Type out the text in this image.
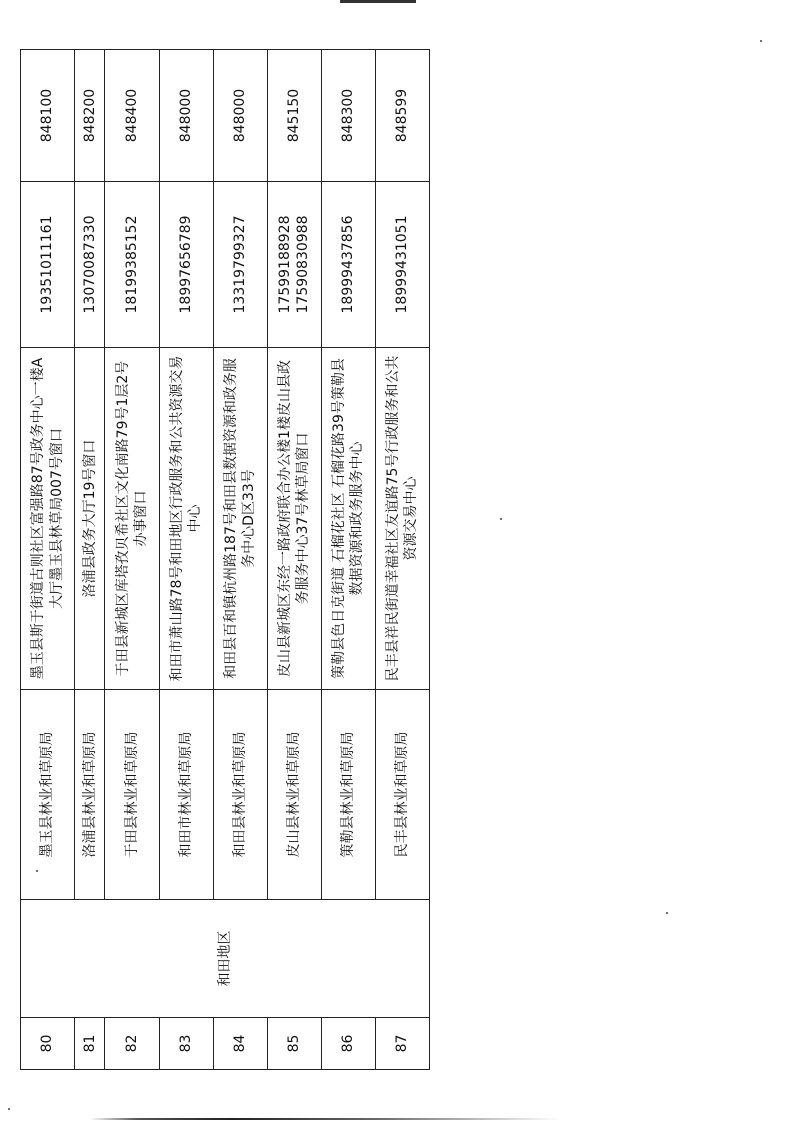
80	和田地区	墨玉县林业和草原局	墨玉县斯于街道古则社区富强路87号政务中心一楼A大厅墨玉县林草局007号窗口	19351011161	848100
81		洛浦县林业和草原局	洛浦县政务大厅19号窗口	13070087330	848200
82		于田县林业和草原局	于田县新城区库塔孜贝希社区文化南路79号1层2号办事窗口	18199385152	848400
83		和田市林业和草原局	和田市萧山路78号和田地区行政服务和公共资源交易中心	18997656789	848000
84		和田县林业和草原局	和田县百和镇杭州路187号和田县数据资源和政务服务中心D区33号	13319799327	848000
85		皮山县林业和草原局	皮山县新城区东经一路政府联合办公楼1楼皮山县政务服务中心37号林草局窗口	17599188928 17590830988	845150
86		策勒县林业和草原局	策勒县色日克街道 石榴花社区 石榴花路39号策勒县数据资源和政务服务中心	18999437856	848300
87		民丰县林业和草原局	民丰县祥民街道幸福社区友谊路75号行政服务和公共资源交易中心	18999431051	848599
